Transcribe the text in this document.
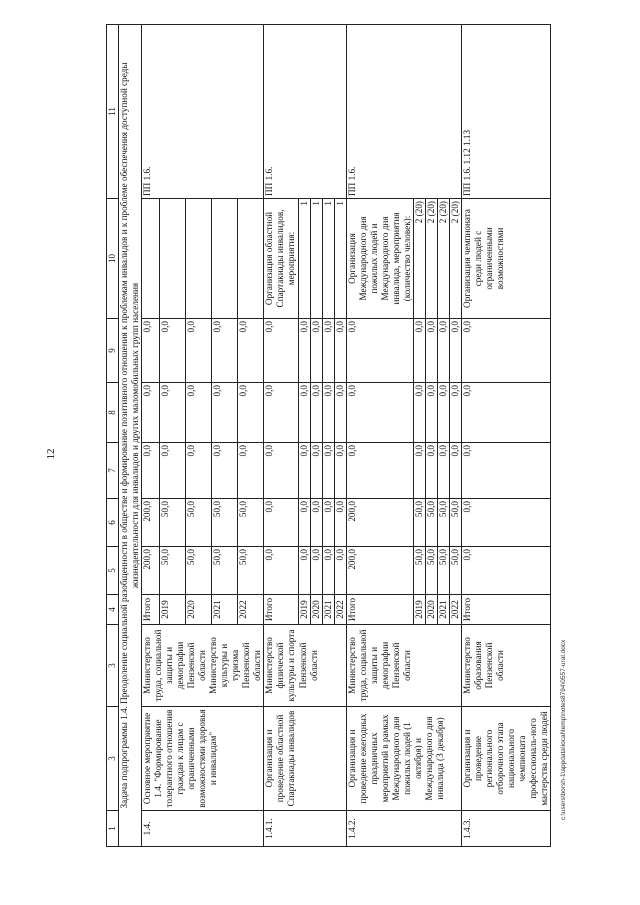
12
c:\users\borsh-1\appdata\local\temp\notes8794\0557-ural.docx
1	3	3	4	5	6	7	8	9	10	11
Задача подпрограммы 1.4. Преодоление социальной разобщенности в обществе и формирование позитивного отношения к проблемам инвалидов и к проблеме обеспечения доступной среды жизнедеятельности для инвалидов и других маломобильных групп населения										
1.4.	Основное мероприятие 1.4. "Формирование толерантного отношения граждан к лицам с ограниченными возможностями здоровья и инвалидам"	Министерство труда, социальной защиты и демографии Пензенской области Министерство культуры и туризма Пензенской области	Итого	200,0	200,0	0,0	0,0	0,0		ПП 1.6.
			2019	50,0	50,0	0,0	0,0	0,0		
			2020	50,0	50,0	0,0	0,0	0,0		
			2021	50,0	50,0	0,0	0,0	0,0		
			2022	50,0	50,0	0,0	0,0	0,0		
1.4.1.	Организация и проведение областной Спартакиады инвалидов	Министерство физической культуры и спорта Пензенской области	Итого	0,0	0,0	0,0	0,0	0,0	Организация областной Спартакиады инвалидов, мероприятия:	ПП 1.6.
			2019	0,0	0,0	0,0	0,0	0,0	1	
			2020	0,0	0,0	0,0	0,0	0,0	1	
			2021	0,0	0,0	0,0	0,0	0,0	1	
			2022	0,0	0,0	0,0	0,0	0,0	1	
1.4.2.	Организация и проведение ежегодных праздничных мероприятий в рамках Международного дня пожилых людей (1 октября) и Международного дня инвалида (3 декабря)	Министерство труда, социальной защиты и демографии Пензенской области	Итого	200,0	200,0	0,0	0,0	0,0	Организация Международного дня пожилых людей и Международного дня инвалида, мероприятия (количество человек):	ПП 1.6.
			2019	50,0	50,0	0,0	0,0	0,0	2 (20)	
			2020	50,0	50,0	0,0	0,0	0,0	2 (20)	
			2021	50,0	50,0	0,0	0,0	0,0	2 (20)	
			2022	50,0	50,0	0,0	0,0	0,0	2 (20)	
1.4.3.	Организация и проведение регионального отборочного этапа национального чемпионата профессиональ-ного мастерства среди людей	Министерство образования Пензенской области	Итого	0,0	0,0	0,0	0,0	0,0	Организация чемпионата среди людей с ограниченными возможностями	ПП 1.6. 1.12 1.13
